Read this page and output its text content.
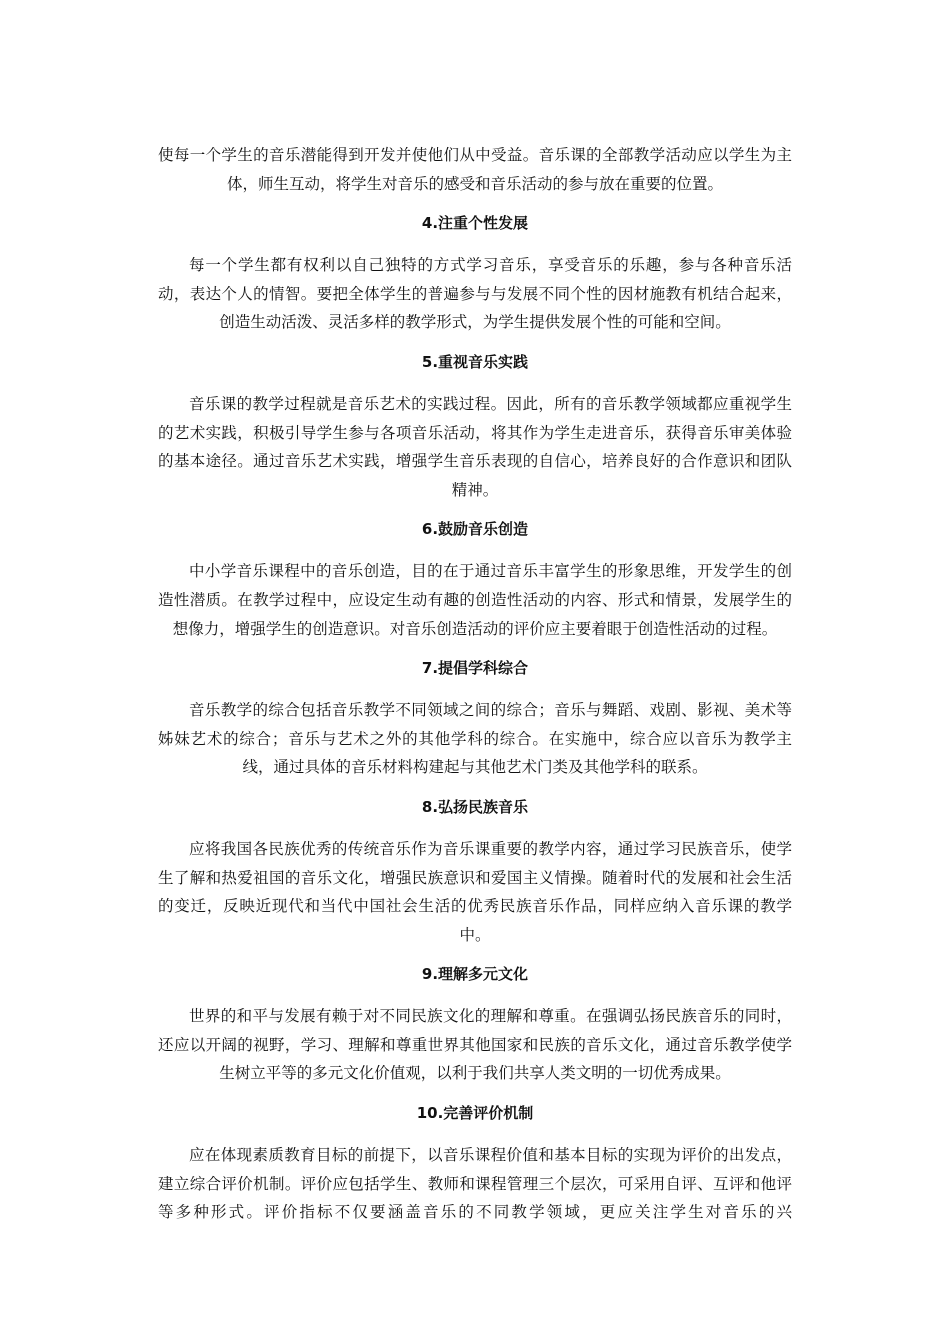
使每一个学生的音乐潜能得到开发并使他们从中受益。音乐课的全部教学活动应以学生为主体，师生互动，将学生对音乐的感受和音乐活动的参与放在重要的位置。

4.注重个性发展

每一个学生都有权利以自己独特的方式学习音乐，享受音乐的乐趣，参与各种音乐活动，表达个人的情智。要把全体学生的普遍参与与发展不同个性的因材施教有机结合起来，创造生动活泼、灵活多样的教学形式，为学生提供发展个性的可能和空间。

5.重视音乐实践

音乐课的教学过程就是音乐艺术的实践过程。因此，所有的音乐教学领域都应重视学生的艺术实践，积极引导学生参与各项音乐活动，将其作为学生走进音乐，获得音乐审美体验的基本途径。通过音乐艺术实践，增强学生音乐表现的自信心，培养良好的合作意识和团队精神。

6.鼓励音乐创造

中小学音乐课程中的音乐创造，目的在于通过音乐丰富学生的形象思维，开发学生的创造性潜质。在教学过程中，应设定生动有趣的创造性活动的内容、形式和情景，发展学生的想像力，增强学生的创造意识。对音乐创造活动的评价应主要着眼于创造性活动的过程。

7.提倡学科综合

音乐教学的综合包括音乐教学不同领域之间的综合；音乐与舞蹈、戏剧、影视、美术等姊妹艺术的综合；音乐与艺术之外的其他学科的综合。在实施中，综合应以音乐为教学主线，通过具体的音乐材料构建起与其他艺术门类及其他学科的联系。

8.弘扬民族音乐

应将我国各民族优秀的传统音乐作为音乐课重要的教学内容，通过学习民族音乐，使学生了解和热爱祖国的音乐文化，增强民族意识和爱国主义情操。随着时代的发展和社会生活的变迁，反映近现代和当代中国社会生活的优秀民族音乐作品，同样应纳入音乐课的教学中。

9.理解多元文化

世界的和平与发展有赖于对不同民族文化的理解和尊重。在强调弘扬民族音乐的同时，还应以开阔的视野，学习、理解和尊重世界其他国家和民族的音乐文化，通过音乐教学使学生树立平等的多元文化价值观，以利于我们共享人类文明的一切优秀成果。

10.完善评价机制

应在体现素质教育目标的前提下，以音乐课程价值和基本目标的实现为评价的出发点，建立综合评价机制。评价应包括学生、教师和课程管理三个层次，可采用自评、互评和他评等多种形式。评价指标不仅要涵盖音乐的不同教学领域，更应关注学生对音乐的兴
